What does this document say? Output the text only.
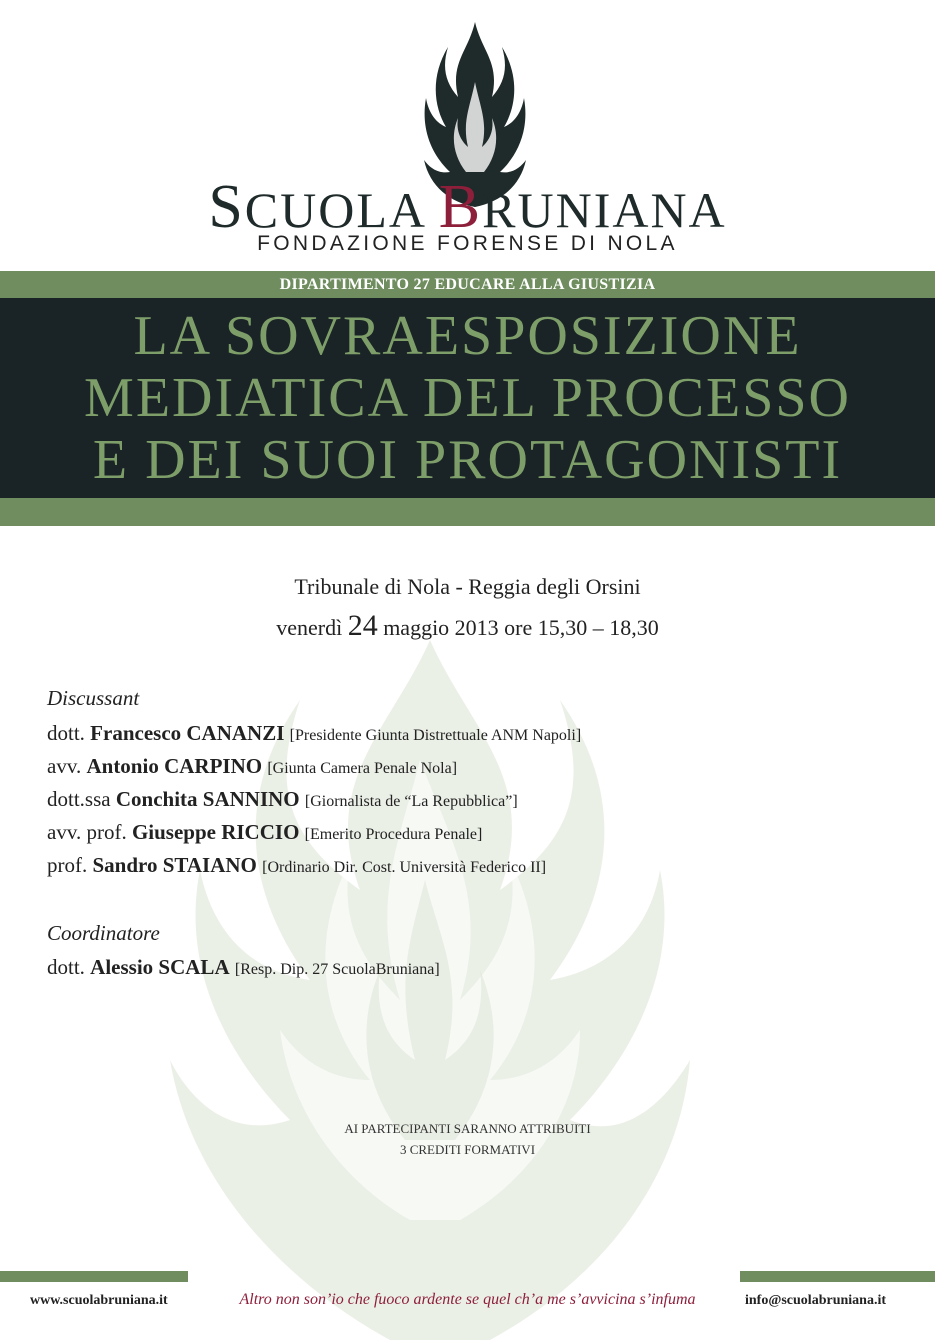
SCUOLA BRUNIANA
FONDAZIONE FORENSE DI NOLA
DIPARTIMENTO 27 EDUCARE ALLA GIUSTIZIA
LA SOVRAESPOSIZIONE
MEDIATICA DEL PROCESSO
E DEI SUOI PROTAGONISTI
Tribunale di Nola - Reggia degli Orsini
venerdì 24 maggio 2013 ore 15,30 – 18,30
Discussant
dott. Francesco CANANZI [Presidente Giunta Distrettuale ANM Napoli]
avv. Antonio CARPINO [Giunta Camera Penale Nola]
dott.ssa Conchita SANNINO [Giornalista de “La Repubblica”]
avv. prof. Giuseppe RICCIO [Emerito Procedura Penale]
prof. Sandro STAIANO [Ordinario Dir. Cost. Università Federico II]
Coordinatore
dott. Alessio SCALA [Resp. Dip. 27 ScuolaBruniana]
AI PARTECIPANTI SARANNO ATTRIBUITI
3 CREDITI FORMATIVI
www.scuolabruniana.it	Altro non son’io che fuoco ardente se quel ch’a me s’avvicina s’infuma	info@scuolabruniana.it
